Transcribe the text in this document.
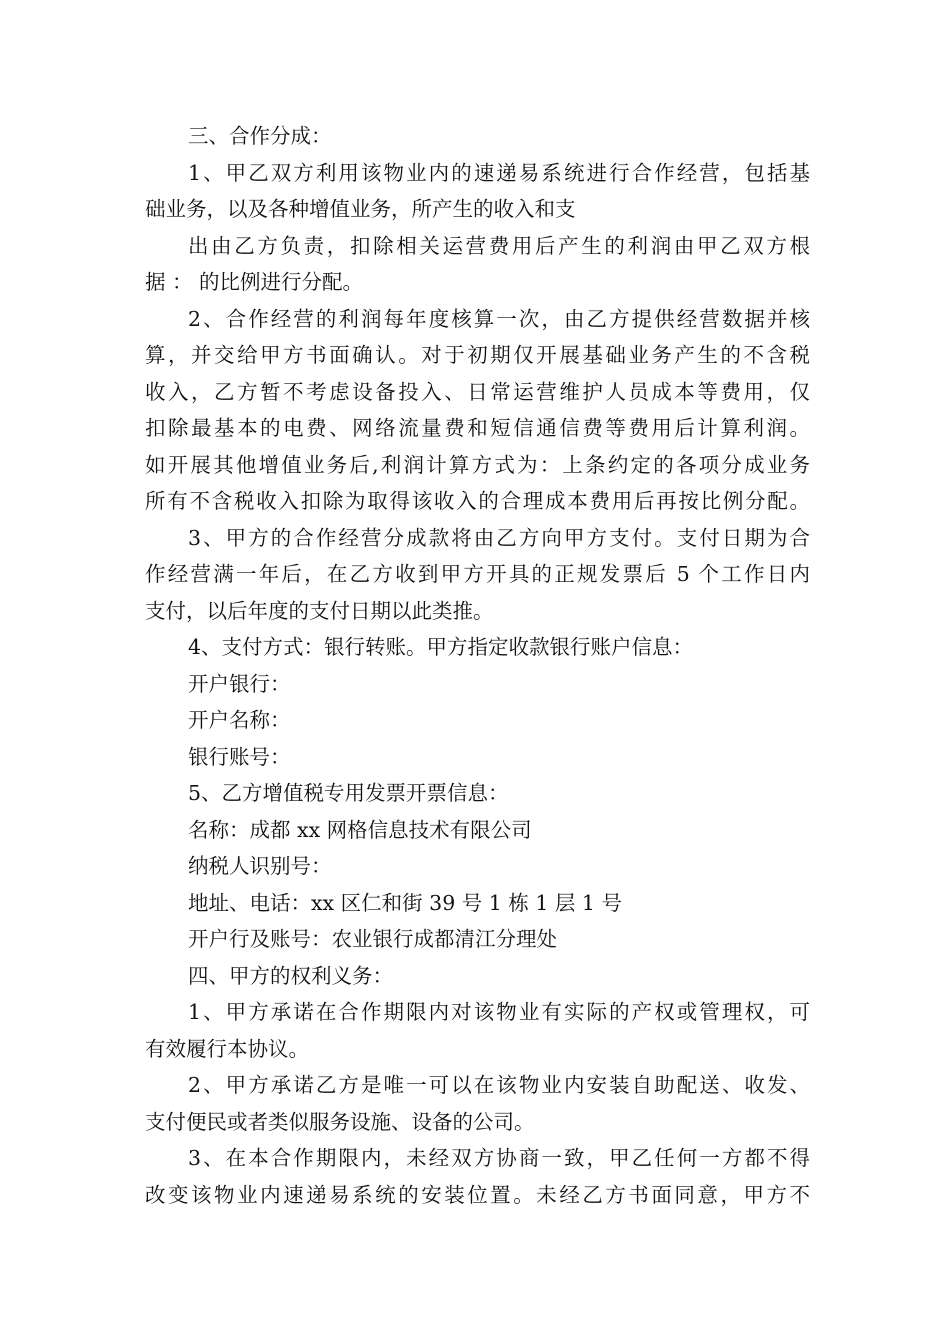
三、合作分成：
1、甲乙双方利用该物业内的速递易系统进行合作经营，包括基
础业务，以及各种增值业务，所产生的收入和支
出由乙方负责，扣除相关运营费用后产生的利润由甲乙双方根
据 ： 的比例进行分配。
2、合作经营的利润每年度核算一次，由乙方提供经营数据并核
算，并交给甲方书面确认。对于初期仅开展基础业务产生的不含税
收入，乙方暂不考虑设备投入、日常运营维护人员成本等费用，仅
扣除最基本的电费、网络流量费和短信通信费等费用后计算利润。
如开展其他增值业务后,利润计算方式为：上条约定的各项分成业务
所有不含税收入扣除为取得该收入的合理成本费用后再按比例分配。
3、甲方的合作经营分成款将由乙方向甲方支付。支付日期为合
作经营满一年后，在乙方收到甲方开具的正规发票后 5 个工作日内
支付，以后年度的支付日期以此类推。
4、支付方式：银行转账。甲方指定收款银行账户信息：
开户银行：
开户名称：
银行账号：
5、乙方增值税专用发票开票信息：
名称：成都 xx 网格信息技术有限公司
纳税人识别号：
地址、电话：xx 区仁和街 39 号 1 栋 1 层 1 号
开户行及账号：农业银行成都清江分理处
四、甲方的权利义务：
1、甲方承诺在合作期限内对该物业有实际的产权或管理权，可
有效履行本协议。
2、甲方承诺乙方是唯一可以在该物业内安装自助配送、收发、
支付便民或者类似服务设施、设备的公司。
3、在本合作期限内，未经双方协商一致，甲乙任何一方都不得
改变该物业内速递易系统的安装位置。未经乙方书面同意，甲方不
